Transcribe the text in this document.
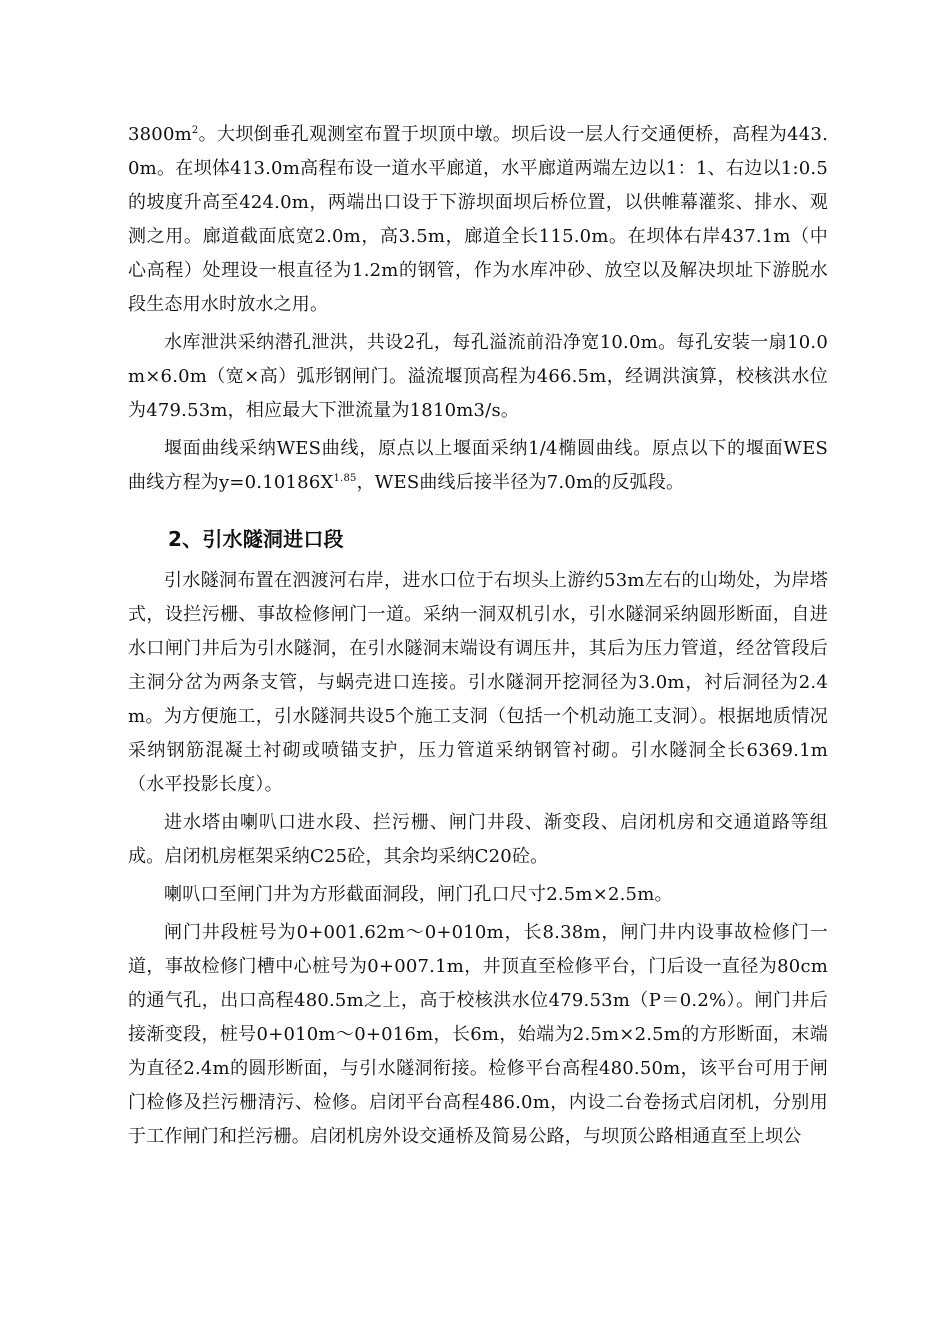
$3800m^2$。大坝倒垂孔观测室布置于坝顶中墩。坝后设一层人行交通便桥，高程为443.0m。在坝体413.0m高程布设一道水平廊道，水平廊道两端左边以1：1、右边以1:0.5的坡度升高至424.0m，两端出口设于下游坝面坝后桥位置，以供帷幕灌浆、排水、观测之用。廊道截面底宽2.0m，高3.5m，廊道全长115.0m。在坝体右岸437.1m（中心高程）处理设一根直径为1.2m的钢管，作为水库冲砂、放空以及解决坝址下游脱水段生态用水时放水之用。

水库泄洪采纳潜孔泄洪，共设2孔，每孔溢流前沿净宽10.0m。每孔安装一扇10.0m×6.0m（宽×高）弧形钢闸门。溢流堰顶高程为466.5m，经调洪演算，校核洪水位为479.53m，相应最大下泄流量为1810m3/s。

堰面曲线采纳WES曲线，原点以上堰面采纳1/4椭圆曲线。原点以下的堰面WES曲线方程为$y=0.10186X^{1.85}$，WES曲线后接半径为7.0m的反弧段。

2、引水隧洞进口段

引水隧洞布置在泗渡河右岸，进水口位于右坝头上游约53m左右的山坳处，为岸塔式，设拦污栅、事故检修闸门一道。采纳一洞双机引水，引水隧洞采纳圆形断面，自进水口闸门井后为引水隧洞，在引水隧洞末端设有调压井，其后为压力管道，经岔管段后主洞分岔为两条支管，与蜗壳进口连接。引水隧洞开挖洞径为3.0m，衬后洞径为2.4m。为方便施工，引水隧洞共设5个施工支洞（包括一个机动施工支洞）。根据地质情况采纳钢筋混凝土衬砌或喷锚支护，压力管道采纳钢管衬砌。引水隧洞全长6369.1m（水平投影长度）。

进水塔由喇叭口进水段、拦污栅、闸门井段、渐变段、启闭机房和交通道路等组成。启闭机房框架采纳C25砼，其余均采纳C20砼。

喇叭口至闸门井为方形截面洞段，闸门孔口尺寸2.5m×2.5m。

闸门井段桩号为0+001.62m～0+010m，长8.38m，闸门井内设事故检修门一道，事故检修门槽中心桩号为0+007.1m，井顶直至检修平台，门后设一直径为80cm的通气孔，出口高程480.5m之上，高于校核洪水位479.53m（P＝0.2%）。闸门井后接渐变段，桩号0+010m～0+016m，长6m，始端为2.5m×2.5m的方形断面，末端为直径2.4m的圆形断面，与引水隧洞衔接。检修平台高程480.50m，该平台可用于闸门检修及拦污栅清污、检修。启闭平台高程486.0m，内设二台卷扬式启闭机，分别用于工作闸门和拦污栅。启闭机房外设交通桥及简易公路，与坝顶公路相通直至上坝公
